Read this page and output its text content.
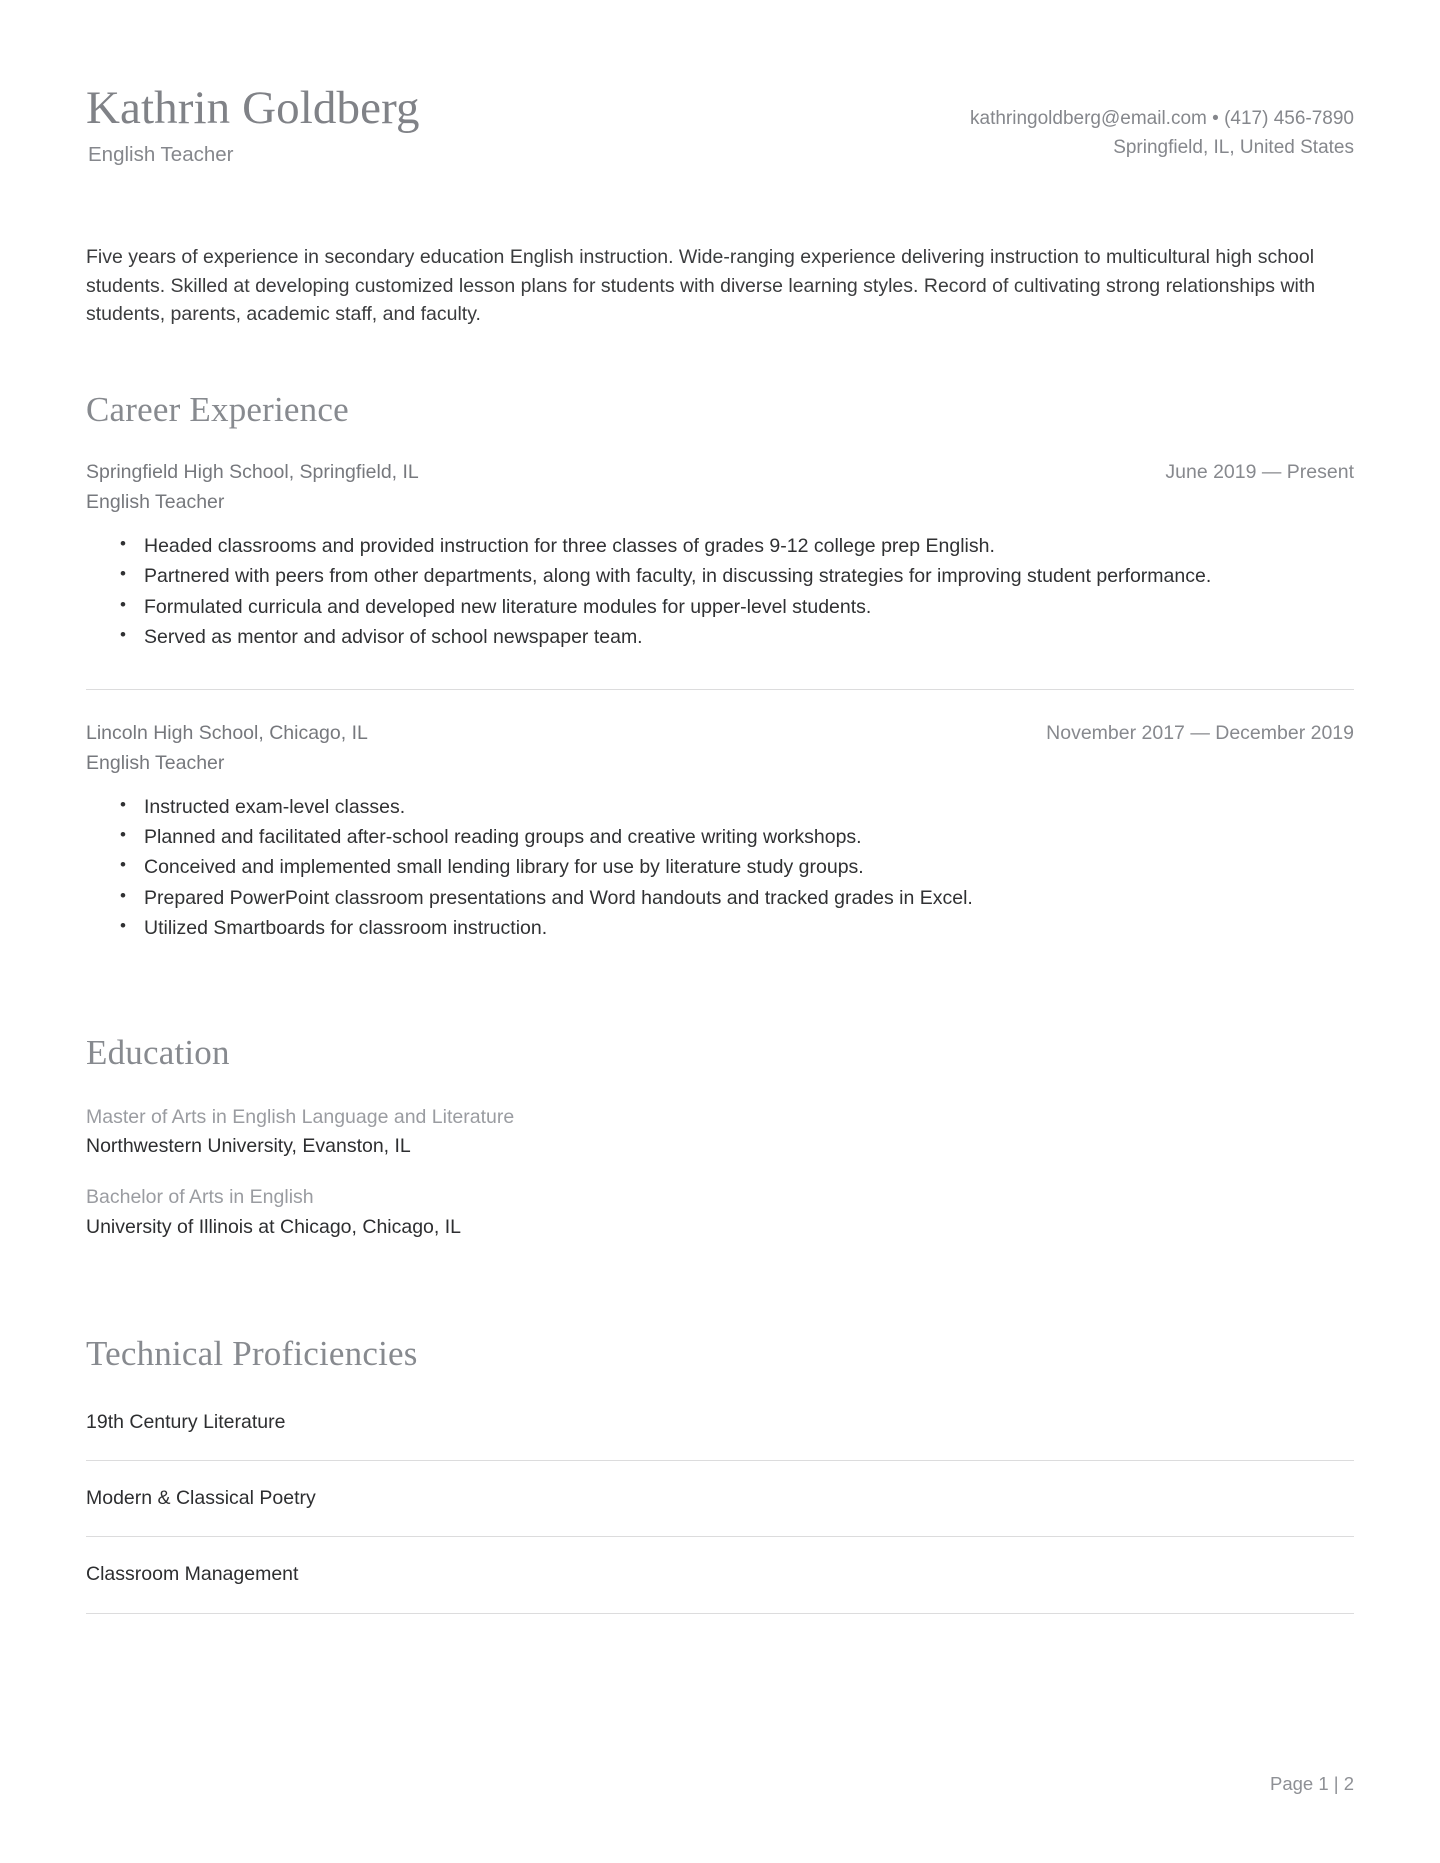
Kathrin Goldberg
English Teacher
kathringoldberg@email.com • (417) 456-7890
Springfield, IL, United States

Five years of experience in secondary education English instruction. Wide-ranging experience delivering instruction to multicultural high school students. Skilled at developing customized lesson plans for students with diverse learning styles. Record of cultivating strong relationships with students, parents, academic staff, and faculty.

Career Experience
Springfield High School, Springfield, IL	June 2019 — Present
English Teacher
• Headed classrooms and provided instruction for three classes of grades 9-12 college prep English.
• Partnered with peers from other departments, along with faculty, in discussing strategies for improving student performance.
• Formulated curricula and developed new literature modules for upper-level students.
• Served as mentor and advisor of school newspaper team.
Lincoln High School, Chicago, IL	November 2017 — December 2019
English Teacher
• Instructed exam-level classes.
• Planned and facilitated after-school reading groups and creative writing workshops.
• Conceived and implemented small lending library for use by literature study groups.
• Prepared PowerPoint classroom presentations and Word handouts and tracked grades in Excel.
• Utilized Smartboards for classroom instruction.
Education
Master of Arts in English Language and Literature
Northwestern University, Evanston, IL
Bachelor of Arts in English
University of Illinois at Chicago, Chicago, IL
Technical Proficiencies
19th Century Literature
Modern & Classical Poetry
Classroom Management
Page 1 | 2
